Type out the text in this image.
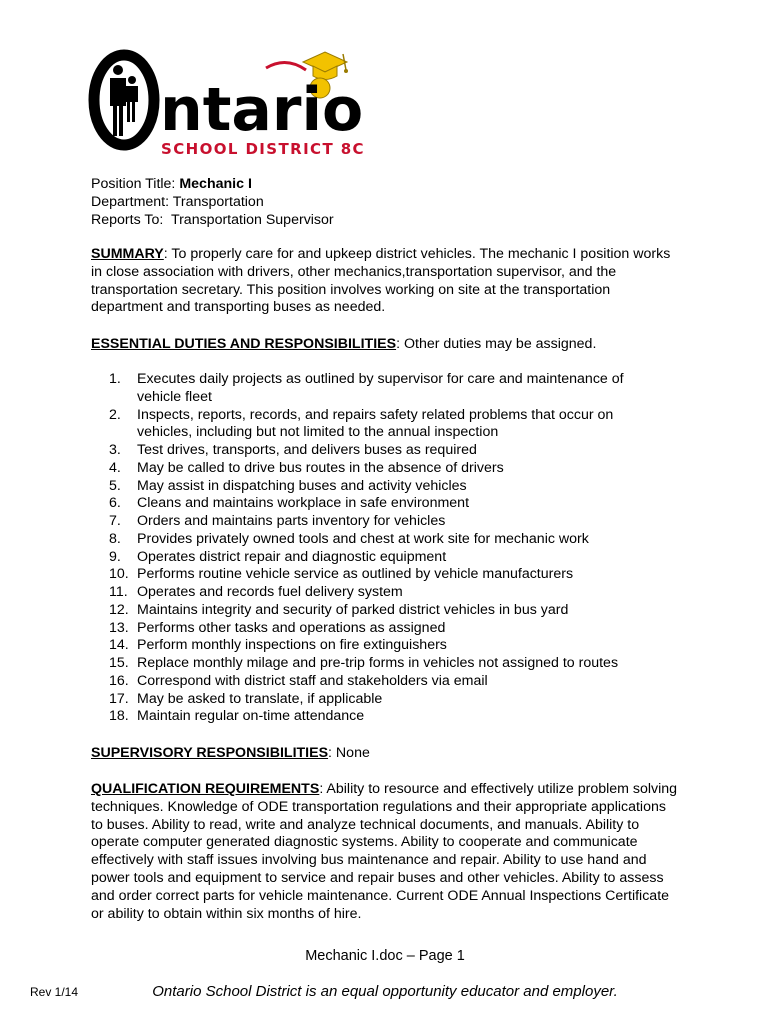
ntario
SCHOOL DISTRICT 8C
Position Title: Mechanic I
Department: Transportation
Reports To: Transportation Supervisor
SUMMARY: To properly care for and upkeep district vehicles. The mechanic I position works in close association with drivers, other mechanics,transportation supervisor, and the transportation secretary. This position involves working on site at the transportation department and transporting buses as needed.
ESSENTIAL DUTIES AND RESPONSIBILITIES: Other duties may be assigned.
1.	Executes daily projects as outlined by supervisor for care and maintenance of vehicle fleet
2.	Inspects, reports, records, and repairs safety related problems that occur on vehicles, including but not limited to the annual inspection
3.	Test drives, transports, and delivers buses as required
4.	May be called to drive bus routes in the absence of drivers
5.	May assist in dispatching buses and activity vehicles
6.	Cleans and maintains workplace in safe environment
7.	Orders and maintains parts inventory for vehicles
8.	Provides privately owned tools and chest at work site for mechanic work
9.	Operates district repair and diagnostic equipment
10. Performs routine vehicle service as outlined by vehicle manufacturers
11. Operates and records fuel delivery system
12. Maintains integrity and security of parked district vehicles in bus yard
13. Performs other tasks and operations as assigned
14. Perform monthly inspections on fire extinguishers
15. Replace monthly milage and pre-trip forms in vehicles not assigned to routes
16. Correspond with district staff and stakeholders via email
17. May be asked to translate, if applicable
18. Maintain regular on-time attendance
SUPERVISORY RESPONSIBILITIES: None
QUALIFICATION REQUIREMENTS: Ability to resource and effectively utilize problem solving techniques. Knowledge of ODE transportation regulations and their appropriate applications to buses. Ability to read, write and analyze technical documents, and manuals. Ability to operate computer generated diagnostic systems. Ability to cooperate and communicate effectively with staff issues involving bus maintenance and repair. Ability to use hand and power tools and equipment to service and repair buses and other vehicles. Ability to assess and order correct parts for vehicle maintenance. Current ODE Annual Inspections Certificate or ability to obtain within six months of hire.
Mechanic I.doc – Page 1
Rev 1/14	Ontario School District is an equal opportunity educator and employer.
